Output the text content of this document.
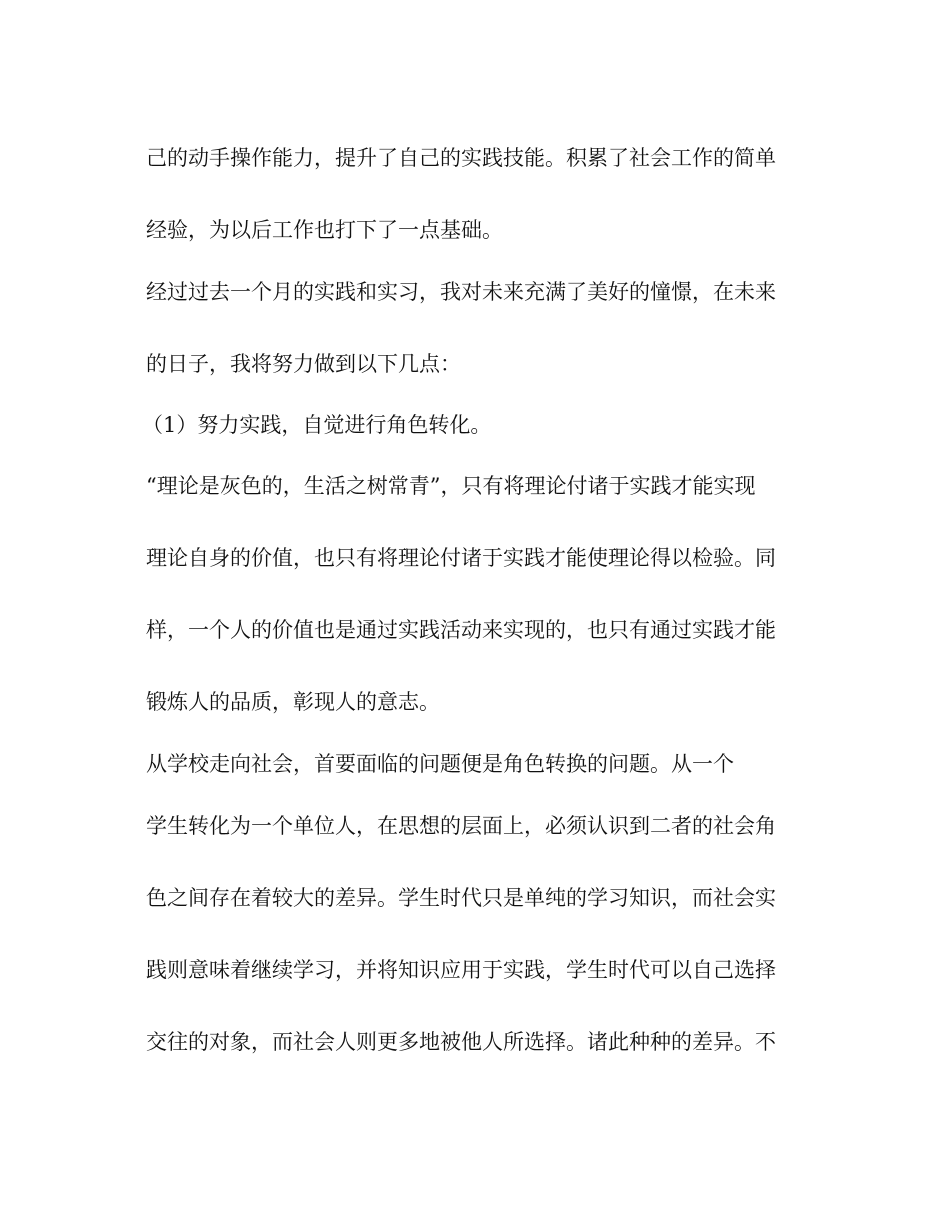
己的动手操作能力，提升了自己的实践技能。积累了社会工作的简单

经验，为以后工作也打下了一点基础。

经过过去一个月的实践和实习，我对未来充满了美好的憧憬，在未来

的日子，我将努力做到以下几点：

（1）努力实践，自觉进行角色转化。

“理论是灰色的，生活之树常青”，只有将理论付诸于实践才能实现

理论自身的价值，也只有将理论付诸于实践才能使理论得以检验。同

样，一个人的价值也是通过实践活动来实现的，也只有通过实践才能

锻炼人的品质，彰现人的意志。

从学校走向社会，首要面临的问题便是角色转换的问题。从一个

学生转化为一个单位人，在思想的层面上，必须认识到二者的社会角

色之间存在着较大的差异。学生时代只是单纯的学习知识，而社会实

践则意味着继续学习，并将知识应用于实践，学生时代可以自己选择

交往的对象，而社会人则更多地被他人所选择。诸此种种的差异。不
